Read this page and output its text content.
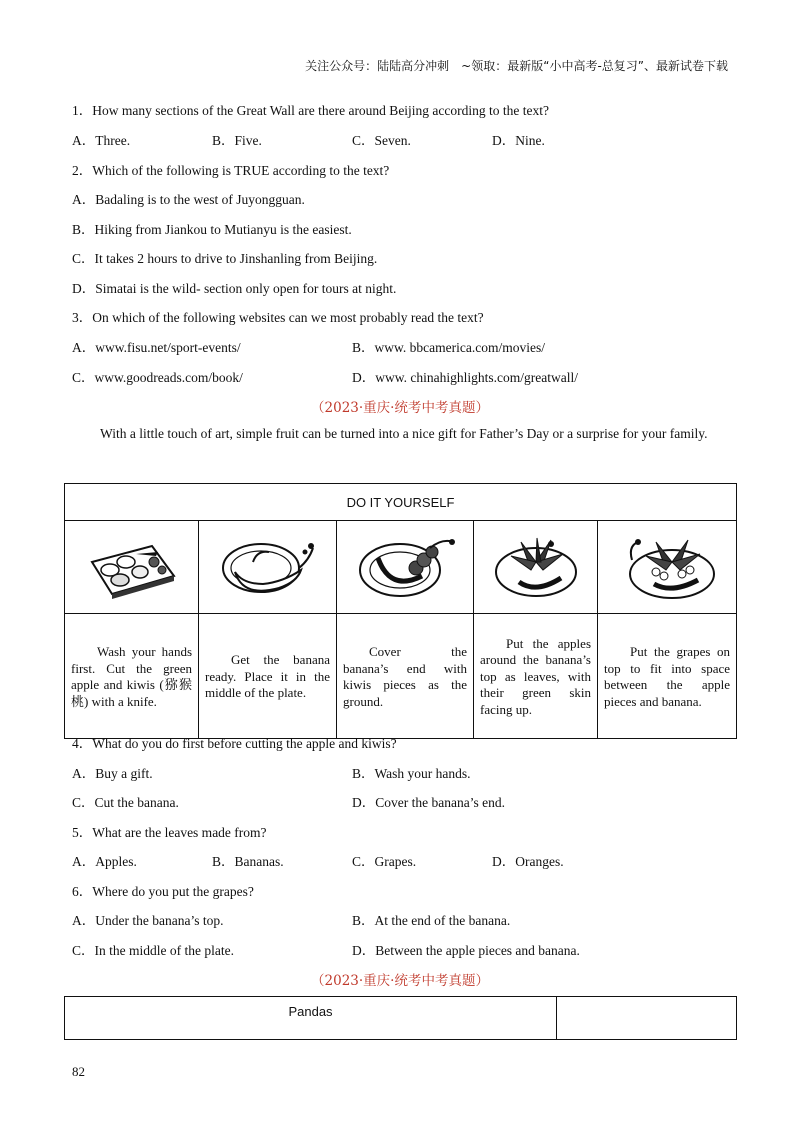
关注公众号：陆陆高分冲刺　~领取：最新版“小中高考-总复习”、最新试卷下载
1．How many sections of the Great Wall are there around Beijing according to the text?
A．Three.	B．Five.	C．Seven.	D．Nine.
2．Which of the following is TRUE according to the text?
A．Badaling is to the west of Juyongguan.
B．Hiking from Jiankou to Mutianyu is the easiest.
C．It takes 2 hours to drive to Jinshanling from Beijing.
D．Simatai is the wild- section only open for tours at night.
3．On which of the following websites can we most probably read the text?
A．www.fisu.net/sport-events/	B．www. bbcamerica.com/movies/
C．www.goodreads.com/book/	D．www. chinahighlights.com/greatwall/
（2023·重庆·统考中考真题）
With a little touch of art, simple fruit can be turned into a nice gift for Father’s Day or a surprise for your family.
DO IT YOURSELF				

Wash your hands first. Cut the green apple and kiwis (猕猴桃) with a knife.	Get the banana ready. Place it in the middle of the plate.	Cover the banana’s end with kiwis pieces as the ground.	Put the apples around the banana’s top as leaves, with their green skin facing up.	Put the grapes on top to fit into space between the apple pieces and banana.
4．What do you do first before cutting the apple and kiwis?
A．Buy a gift.	B．Wash your hands.
C．Cut the banana.	D．Cover the banana’s end.
5．What are the leaves made from?
A．Apples.	B．Bananas.	C．Grapes.	D．Oranges.
6．Where do you put the grapes?
A．Under the banana’s top.	B．At the end of the banana.
C．In the middle of the plate.	D．Between the apple pieces and banana.
（2023·重庆·统考中考真题）
Pandas	
82
